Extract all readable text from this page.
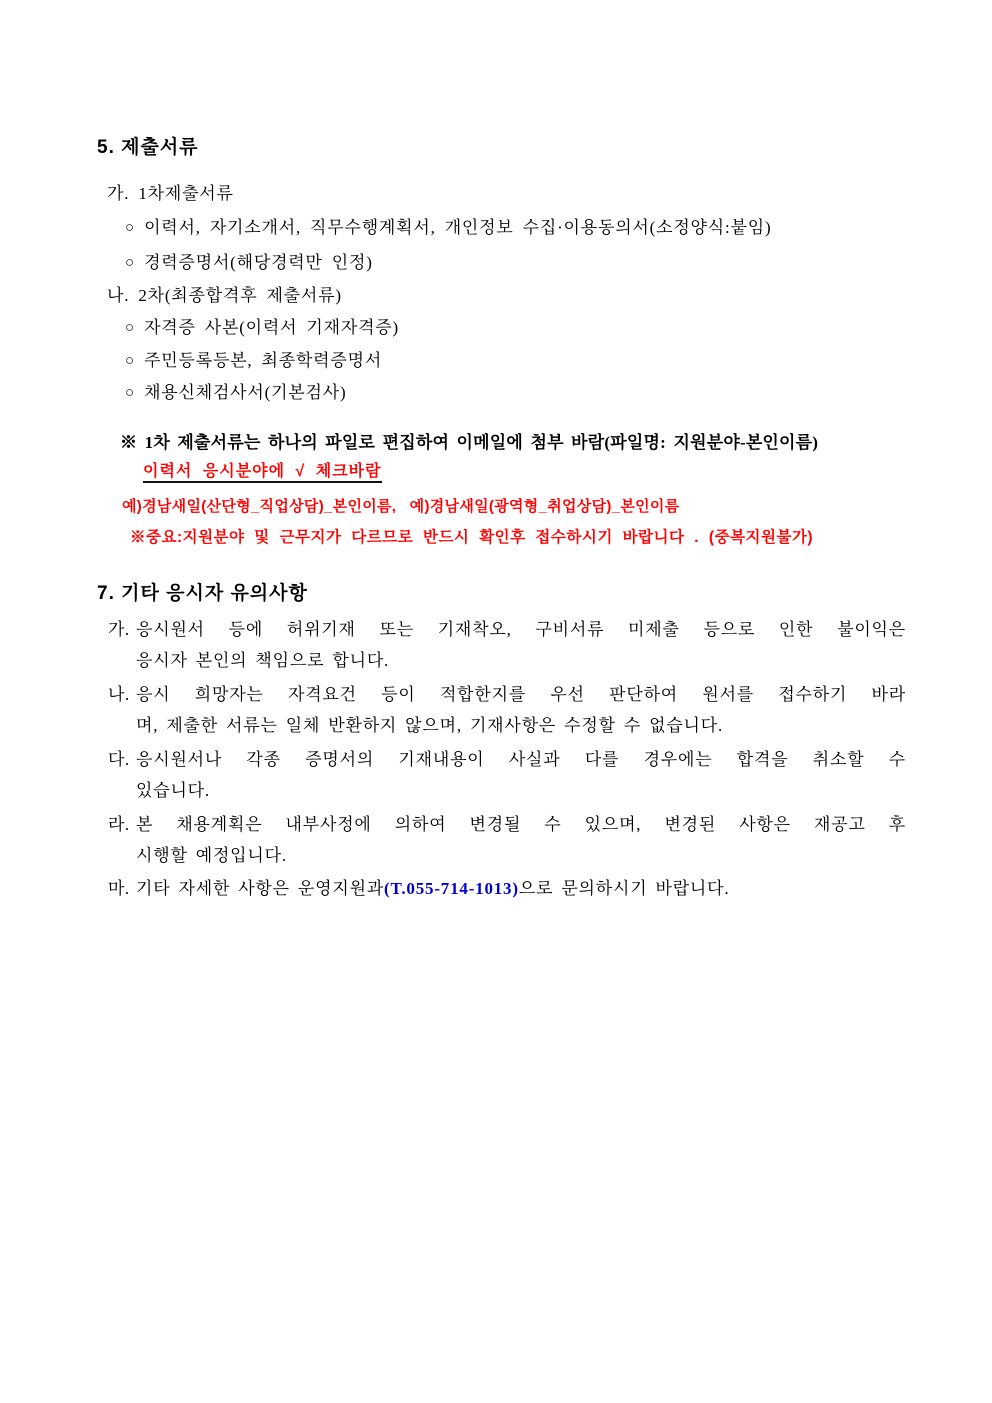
5. 제출서류
가. 1차제출서류
○ 이력서, 자기소개서, 직무수행계획서, 개인정보 수집·이용동의서(소정양식:붙임)
○ 경력증명서(해당경력만 인정)
나. 2차(최종합격후 제출서류)
○ 자격증 사본(이력서 기재자격증)
○ 주민등록등본, 최종학력증명서
○ 채용신체검사서(기본검사)
※ 1차 제출서류는 하나의 파일로 편집하여 이메일에 첨부 바람(파일명: 지원분야-본인이름)
이력서 응시분야에 √ 체크바람
예)경남새일(산단형_직업상담)_본인이름,   예)경남새일(광역형_취업상담)_본인이름
※중요:지원분야 및 근무지가 다르므로 반드시 확인후 접수하시기 바랍니다 . (중복지원불가)
7. 기타 응시자 유의사항
가. 응시원서 등에 허위기재 또는 기재착오, 구비서류 미제출 등으로 인한 불이익은
응시자 본인의 책임으로 합니다.
나. 응시 희망자는 자격요건 등이 적합한지를 우선 판단하여 원서를 접수하기 바라
며, 제출한 서류는 일체 반환하지 않으며, 기재사항은 수정할 수 없습니다.
다. 응시원서나 각종 증명서의 기재내용이 사실과 다를 경우에는 합격을 취소할 수
있습니다.
라. 본 채용계획은 내부사정에 의하여 변경될 수 있으며, 변경된 사항은 재공고 후
시행할 예정입니다.
마. 기타 자세한 사항은 운영지원과(T.055-714-1013)으로 문의하시기 바랍니다.
